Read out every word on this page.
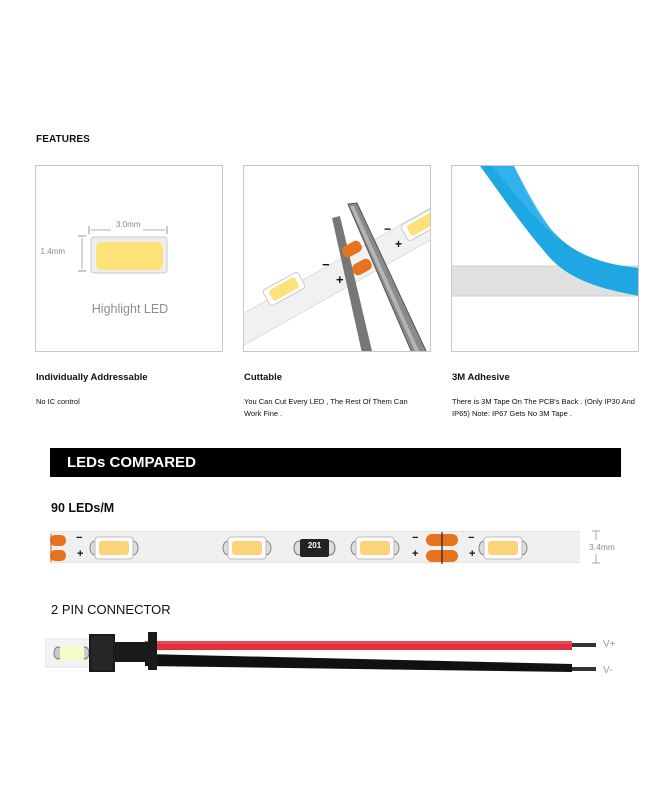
FEATURES
3.0mm
1.4mm
Highlight LED
−
+
−
+
Individually Addressable
No IC control
Cuttable
You Can Cut Every LED , The Rest Of Them Can Work Fine .
3M Adhesive
There is 3M Tape On The PCB's Back . (Only IP30 And IP65) Note: IP67 Gets No 3M Tape .
LEDs COMPARED
90 LEDs/M
201
−
+
−
+
−
+
3.4mm
2 PIN CONNECTOR
V+
V-
